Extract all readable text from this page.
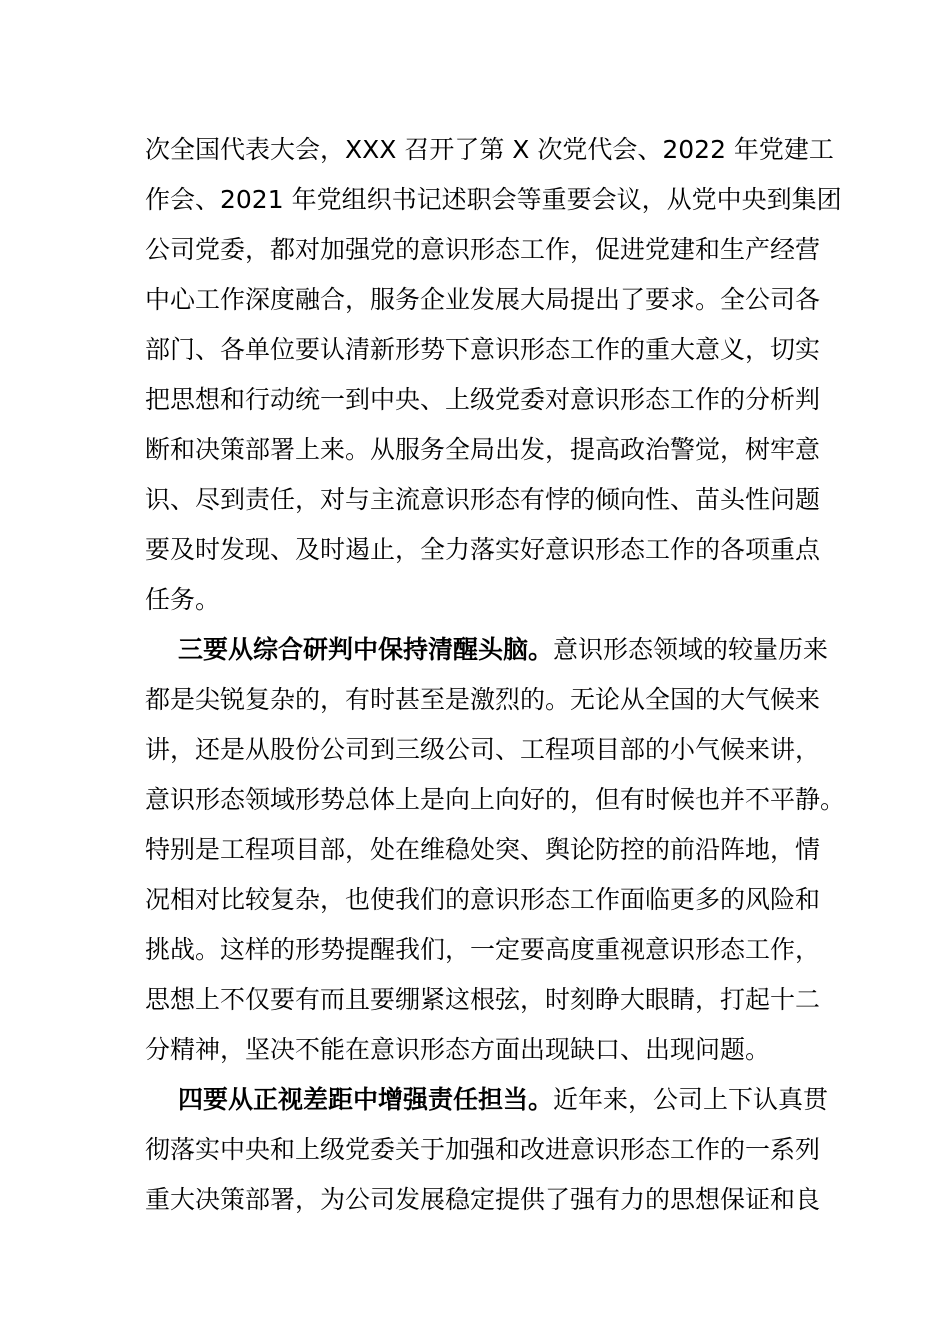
次全国代表大会，XXX 召开了第 X 次党代会、2022 年党建工
作会、2021 年党组织书记述职会等重要会议，从党中央到集团
公司党委，都对加强党的意识形态工作，促进党建和生产经营
中心工作深度融合，服务企业发展大局提出了要求。全公司各
部门、各单位要认清新形势下意识形态工作的重大意义，切实
把思想和行动统一到中央、上级党委对意识形态工作的分析判
断和决策部署上来。从服务全局出发，提高政治警觉，树牢意
识、尽到责任，对与主流意识形态有悖的倾向性、苗头性问题
要及时发现、及时遏止，全力落实好意识形态工作的各项重点
任务。
三要从综合研判中保持清醒头脑。意识形态领域的较量历来
都是尖锐复杂的，有时甚至是激烈的。无论从全国的大气候来
讲，还是从股份公司到三级公司、工程项目部的小气候来讲，
意识形态领域形势总体上是向上向好的，但有时候也并不平静。
特别是工程项目部，处在维稳处突、舆论防控的前沿阵地，情
况相对比较复杂，也使我们的意识形态工作面临更多的风险和
挑战。这样的形势提醒我们，一定要高度重视意识形态工作，
思想上不仅要有而且要绷紧这根弦，时刻睁大眼睛，打起十二
分精神，坚决不能在意识形态方面出现缺口、出现问题。
四要从正视差距中增强责任担当。近年来，公司上下认真贯
彻落实中央和上级党委关于加强和改进意识形态工作的一系列
重大决策部署，为公司发展稳定提供了强有力的思想保证和良
